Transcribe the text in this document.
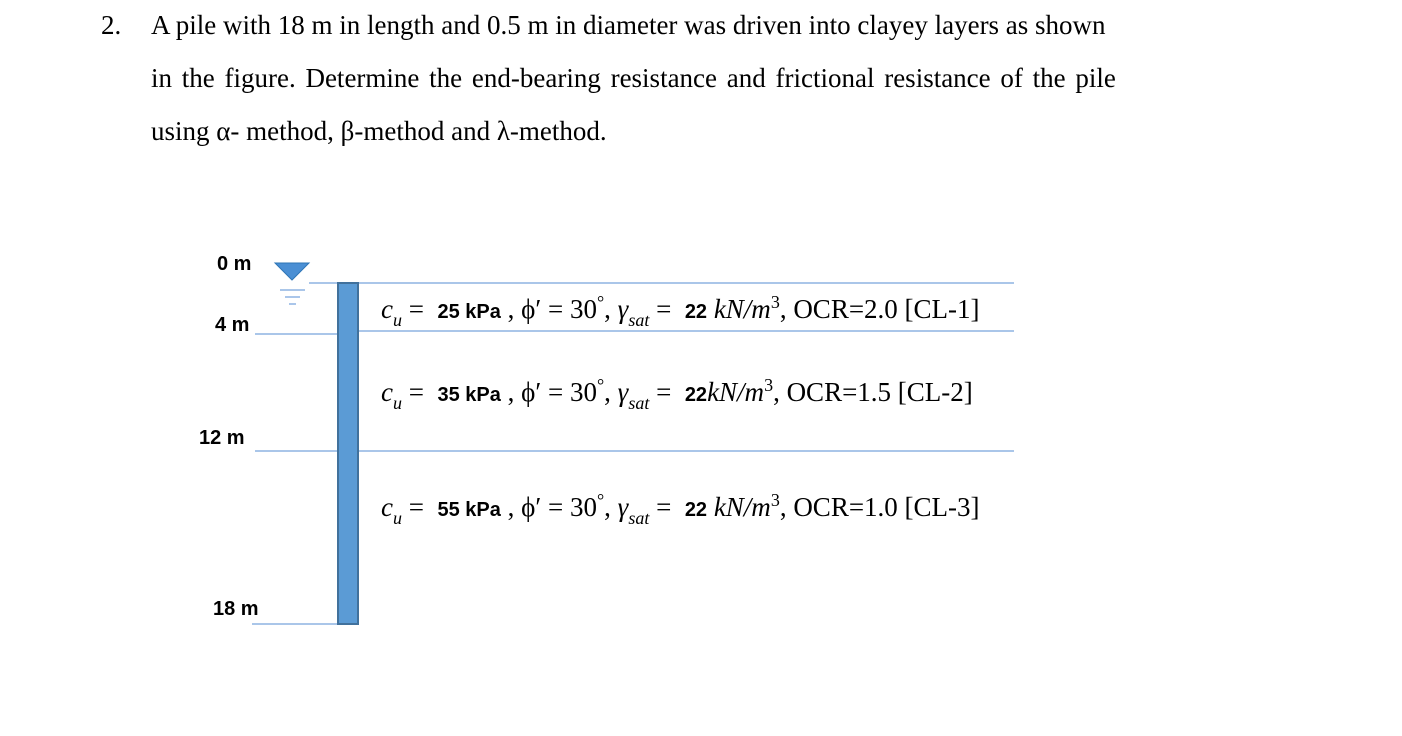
2. A pile with 18 m in length and 0.5 m in diameter was driven into clayey layers as shown
in the figure. Determine the end-bearing resistance and frictional resistance of the pile
using α- method, β-method and λ-method.
0 m
4 m
12 m
18 m
$c_u = 25$ kPa , ϕ′ = 30°, $\gamma_{sat} = 22$ $kN/m^3$, OCR=2.0 [CL-1]
$c_u = 35$ kPa , ϕ′ = 30°, $\gamma_{sat} = 22kN/m^3$, OCR=1.5 [CL-2]
$c_u = 55$ kPa , ϕ′ = 30°, $\gamma_{sat} = 22$ $kN/m^3$, OCR=1.0 [CL-3]
